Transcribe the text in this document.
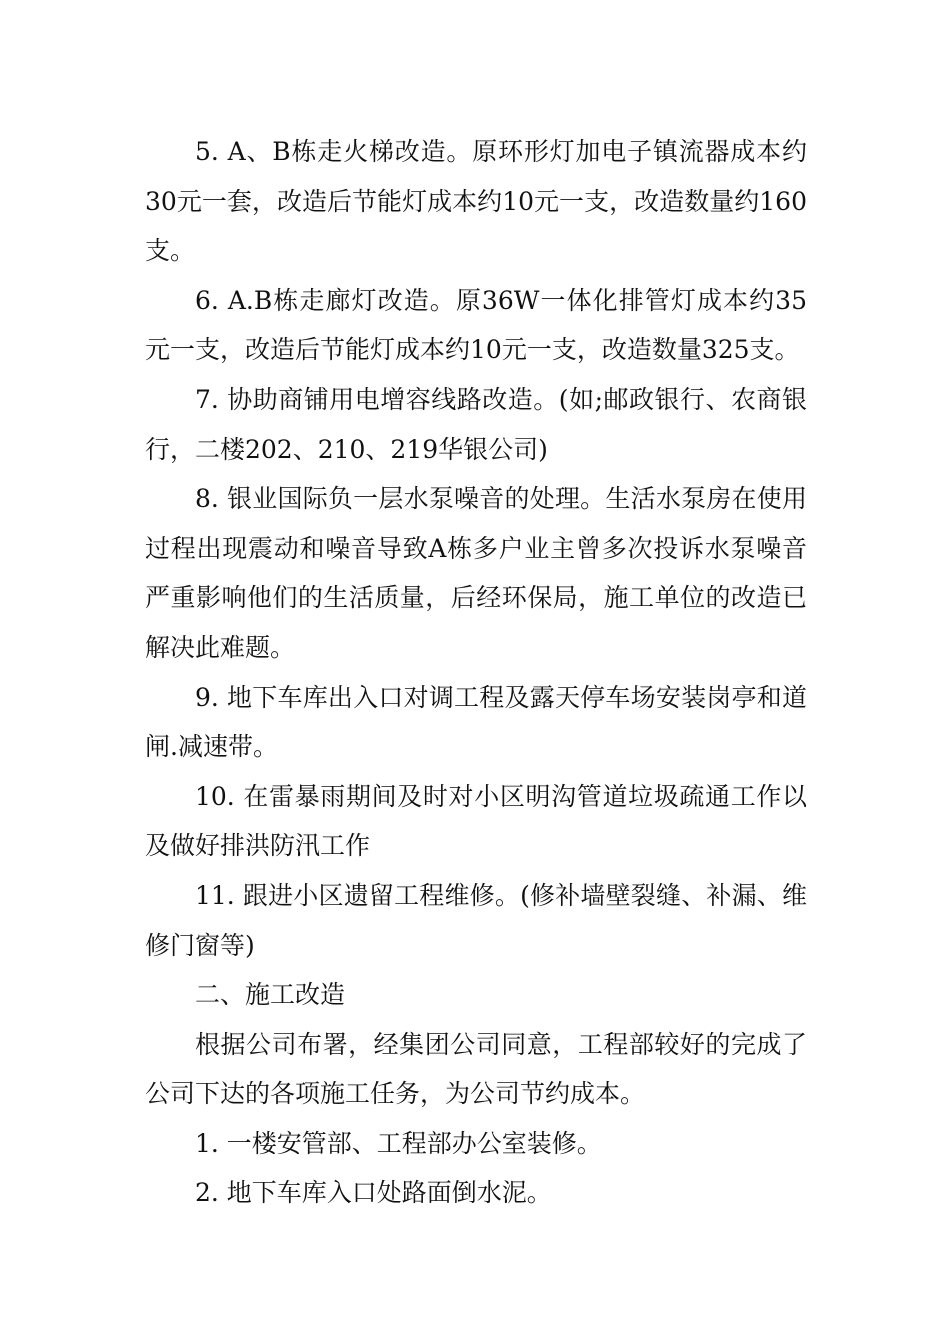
5. A、B栋走火梯改造。原环形灯加电子镇流器成本约30元一套，改造后节能灯成本约10元一支，改造数量约160支。

6. A.B栋走廊灯改造。原36W一体化排管灯成本约35元一支，改造后节能灯成本约10元一支，改造数量325支。

7. 协助商铺用电增容线路改造。(如;邮政银行、农商银行，二楼202、210、219华银公司)

8. 银业国际负一层水泵噪音的处理。生活水泵房在使用过程出现震动和噪音导致A栋多户业主曾多次投诉水泵噪音严重影响他们的生活质量，后经环保局，施工单位的改造已解决此难题。

9. 地下车库出入口对调工程及露天停车场安装岗亭和道闸.减速带。

10. 在雷暴雨期间及时对小区明沟管道垃圾疏通工作以及做好排洪防汛工作

11. 跟进小区遗留工程维修。(修补墙壁裂缝、补漏、维修门窗等)

二、施工改造

根据公司布署，经集团公司同意，工程部较好的完成了公司下达的各项施工任务，为公司节约成本。

1. 一楼安管部、工程部办公室装修。

2. 地下车库入口处路面倒水泥。
